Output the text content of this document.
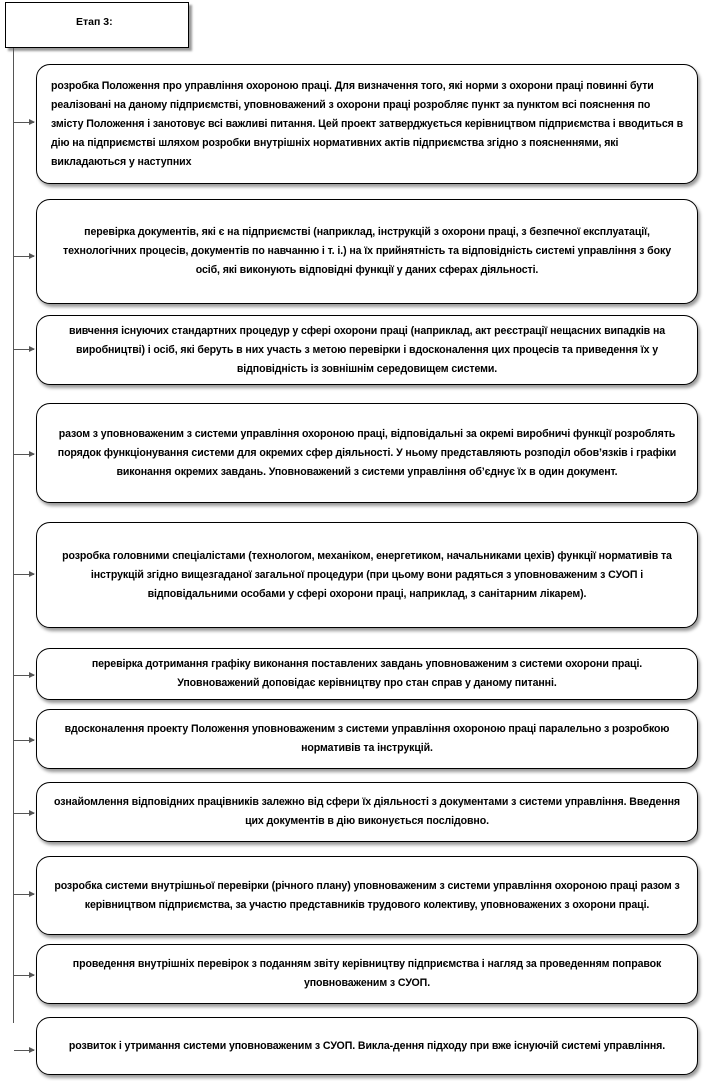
Етап 3:
розробка Положення про управління охороною праці. Для визначення того, які норми з охорони праці повинні бути реалізовані на даному підприємстві, уповноважений з охорони праці розробляє пункт за пунктом всі пояснення по змісту Положення і занотовує всі важливі питання. Цей проект затверджується керівництвом підприємства і вводиться в дію на підприємстві шляхом розробки внутрішніх нормативних актів підприємства згідно з поясненнями, які викладаються у наступних
перевірка документів, які є на підприємстві (наприклад, інструкцій з охорони праці, з безпечної експлуатації, технологічних процесів, документів по навчанню і т. і.) на їх прийнятність та відповідність системі управління з боку осіб, які виконують відповідні функції у даних сферах діяльності.
вивчення існуючих стандартних процедур у сфері охорони праці (наприклад, акт реєстрації нещасних випадків на виробництві) і осіб, які беруть в них участь з метою перевірки і вдосконалення цих процесів та приведення їх у відповідність із зовнішнім середовищем системи.
разом з уповноваженим з системи управління охороною праці, відповідальні за окремі виробничі функції розроблять порядок функціонування системи для окремих сфер діяльності. У ньому представляють розподіл обов’язків і графіки виконання окремих завдань. Уповноважений з системи управління об’єднує їх в один документ.
розробка головними спеціалістами (технологом, механіком, енергетиком, начальниками цехів) функції нормативів та інструкцій згідно вищезгаданої загальної процедури (при цьому вони радяться з уповноваженим з СУОП і відповідальними особами у сфері охорони праці, наприклад, з санітарним лікарем).
перевірка дотримання графіку виконання поставлених завдань уповноваженим з системи охорони праці. Уповноважений доповідає керівництву про стан справ у даному питанні.
вдосконалення проекту Положення уповноваженим з системи управління охороною праці паралельно з розробкою нормативів та інструкцій.
ознайомлення відповідних працівників залежно від сфери їх діяльності з документами з системи управління. Введення цих документів в дію виконується послідовно.
розробка системи внутрішньої перевірки (річного плану) уповноваженим з системи управління охороною праці разом з керівництвом підприємства, за участю представників трудового колективу, уповноважених з охорони праці.
проведення внутрішніх перевірок з поданням звіту керівництву підприємства і нагляд за проведенням поправок уповноваженим з СУОП.
розвиток і утримання системи уповноваженим з СУОП. Викла-дення підходу при вже існуючій системі управління.
